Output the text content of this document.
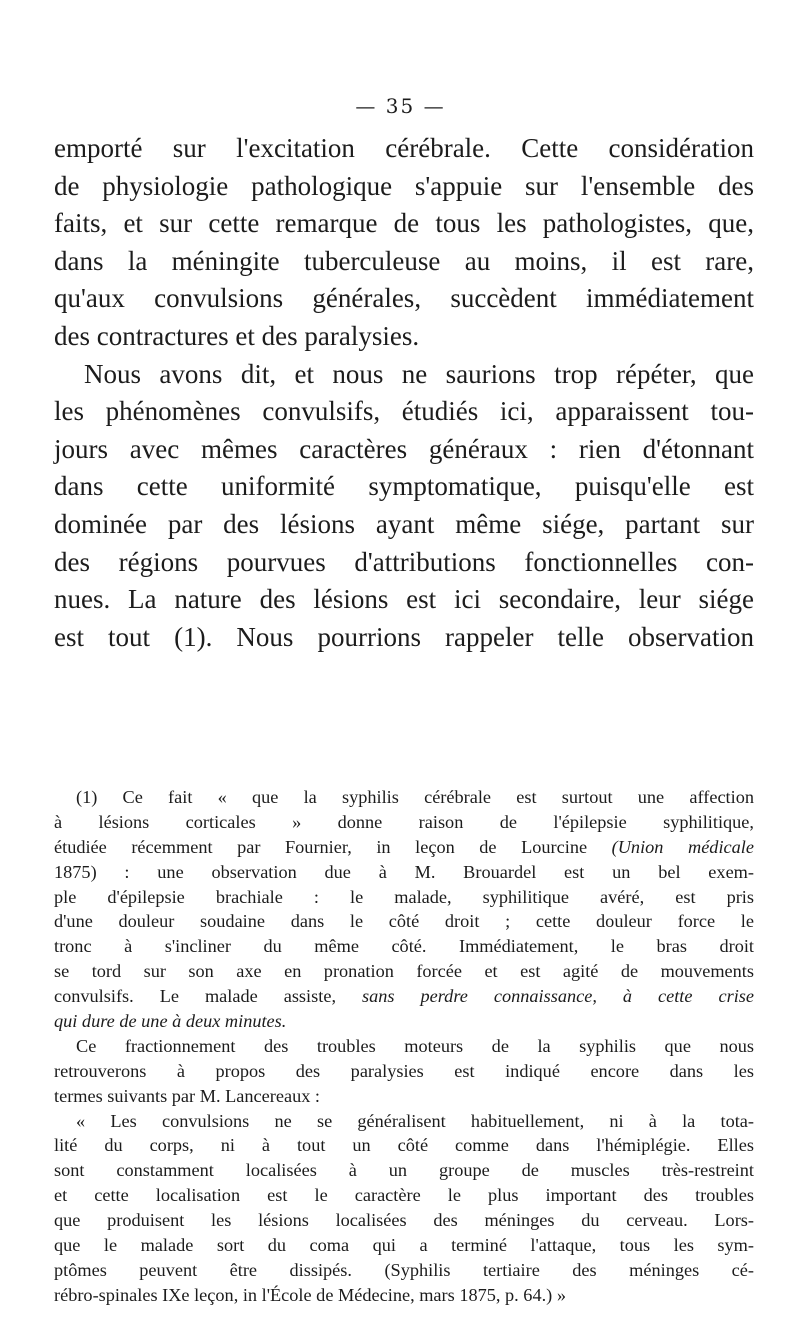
— 35 —
emporté sur l'excitation cérébrale. Cette considération
de physiologie pathologique s'appuie sur l'ensemble des
faits, et sur cette remarque de tous les pathologistes, que,
dans la méningite tuberculeuse au moins, il est rare,
qu'aux convulsions générales, succèdent immédiatement
des contractures et des paralysies.
Nous avons dit, et nous ne saurions trop répéter, que
les phénomènes convulsifs, étudiés ici, apparaissent tou-
jours avec mêmes caractères généraux : rien d'étonnant
dans cette uniformité symptomatique, puisqu'elle est
dominée par des lésions ayant même siége, partant sur
des régions pourvues d'attributions fonctionnelles con-
nues. La nature des lésions est ici secondaire, leur siége
est tout (1). Nous pourrions rappeler telle observation
(1) Ce fait « que la syphilis cérébrale est surtout une affection
à lésions corticales » donne raison de l'épilepsie syphilitique,
étudiée récemment par Fournier, in leçon de Lourcine (Union médicale
1875) : une observation due à M. Brouardel est un bel exem-
ple d'épilepsie brachiale : le malade, syphilitique avéré, est pris
d'une douleur soudaine dans le côté droit ; cette douleur force le
tronc à s'incliner du même côté. Immédiatement, le bras droit
se tord sur son axe en pronation forcée et est agité de mouvements
convulsifs. Le malade assiste, sans perdre connaissance, à cette crise
qui dure de une à deux minutes.
Ce fractionnement des troubles moteurs de la syphilis que nous
retrouverons à propos des paralysies est indiqué encore dans les
termes suivants par M. Lancereaux :
« Les convulsions ne se généralisent habituellement, ni à la tota-
lité du corps, ni à tout un côté comme dans l'hémiplégie. Elles
sont constamment localisées à un groupe de muscles très-restreint
et cette localisation est le caractère le plus important des troubles
que produisent les lésions localisées des méninges du cerveau. Lors-
que le malade sort du coma qui a terminé l'attaque, tous les sym-
ptômes peuvent être dissipés. (Syphilis tertiaire des méninges cé-
rébro-spinales IXe leçon, in l'École de Médecine, mars 1875, p. 64.) »
